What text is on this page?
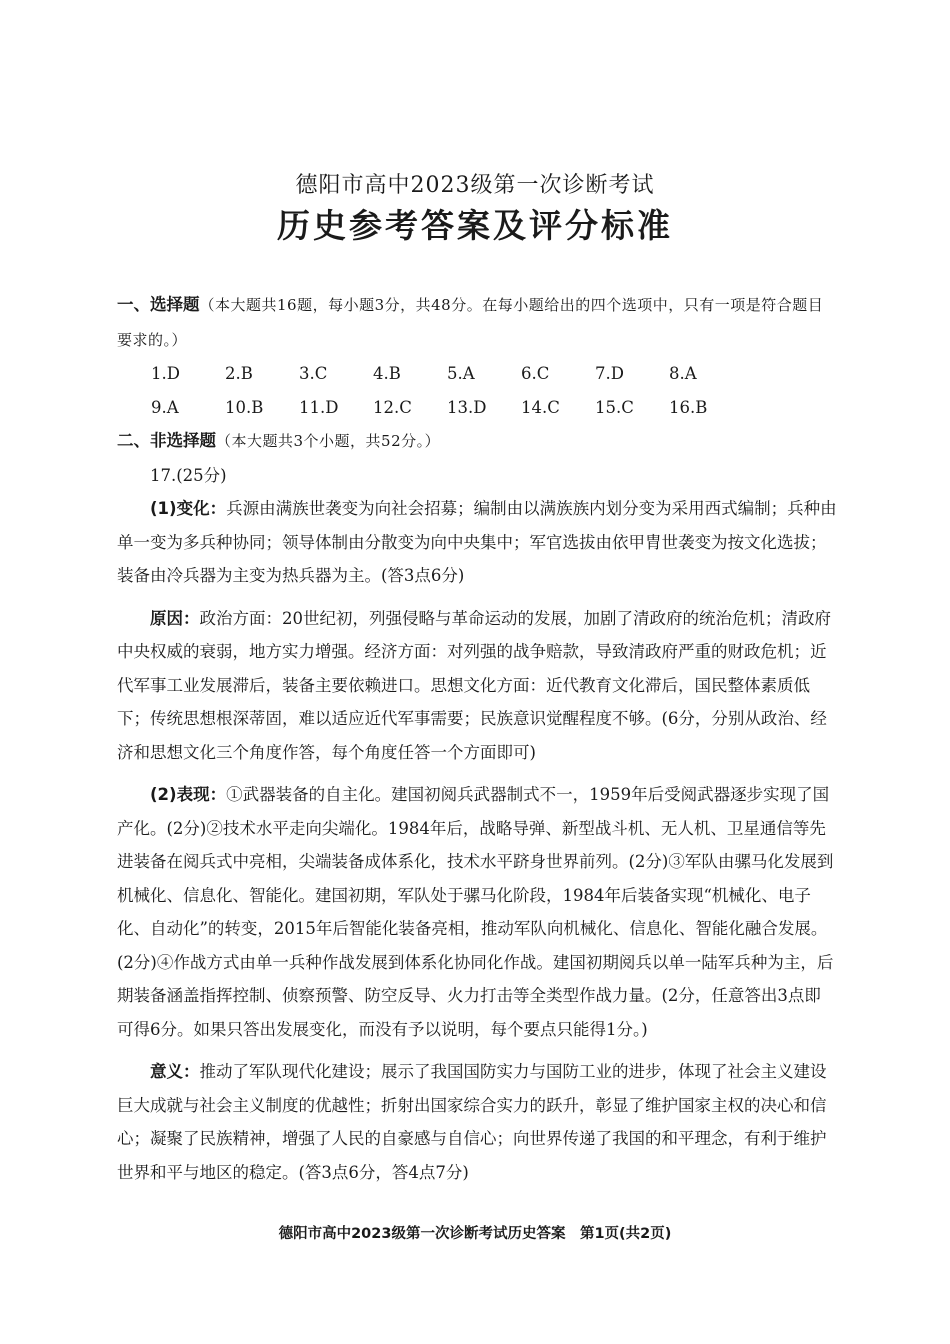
德阳市高中2023级第一次诊断考试
历史参考答案及评分标准

一、选择题（本大题共16题，每小题3分，共48分。在每小题给出的四个选项中，只有一项是符合题目要求的。）

1.D	2.B	3.C	4.B	5.A	6.C	7.D	8.A
9.A	10.B	11.D	12.C	13.D	14.C	15.C	16.B

二、非选择题（本大题共3个小题，共52分。）

17.(25分)

(1)变化：兵源由满族世袭变为向社会招募；编制由以满族族内划分变为采用西式编制；兵种由单一变为多兵种协同；领导体制由分散变为向中央集中；军官选拔由依甲胄世袭变为按文化选拔；装备由冷兵器为主变为热兵器为主。(答3点6分)

原因：政治方面：20世纪初，列强侵略与革命运动的发展，加剧了清政府的统治危机；清政府中央权威的衰弱，地方实力增强。经济方面：对列强的战争赔款，导致清政府严重的财政危机；近代军事工业发展滞后，装备主要依赖进口。思想文化方面：近代教育文化滞后，国民整体素质低下；传统思想根深蒂固，难以适应近代军事需要；民族意识觉醒程度不够。(6分，分别从政治、经济和思想文化三个角度作答，每个角度任答一个方面即可)

(2)表现：①武器装备的自主化。建国初阅兵武器制式不一，1959年后受阅武器逐步实现了国产化。(2分)②技术水平走向尖端化。1984年后，战略导弹、新型战斗机、无人机、卫星通信等先进装备在阅兵式中亮相，尖端装备成体系化，技术水平跻身世界前列。(2分)③军队由骡马化发展到机械化、信息化、智能化。建国初期，军队处于骡马化阶段，1984年后装备实现“机械化、电子化、自动化”的转变，2015年后智能化装备亮相，推动军队向机械化、信息化、智能化融合发展。(2分)④作战方式由单一兵种作战发展到体系化协同化作战。建国初期阅兵以单一陆军兵种为主，后期装备涵盖指挥控制、侦察预警、防空反导、火力打击等全类型作战力量。(2分，任意答出3点即可得6分。如果只答出发展变化，而没有予以说明，每个要点只能得1分。)

意义：推动了军队现代化建设；展示了我国国防实力与国防工业的进步，体现了社会主义建设巨大成就与社会主义制度的优越性；折射出国家综合实力的跃升，彰显了维护国家主权的决心和信心；凝聚了民族精神，增强了人民的自豪感与自信心；向世界传递了我国的和平理念，有利于维护世界和平与地区的稳定。(答3点6分，答4点7分)

德阳市高中2023级第一次诊断考试历史答案　第1页(共2页)
